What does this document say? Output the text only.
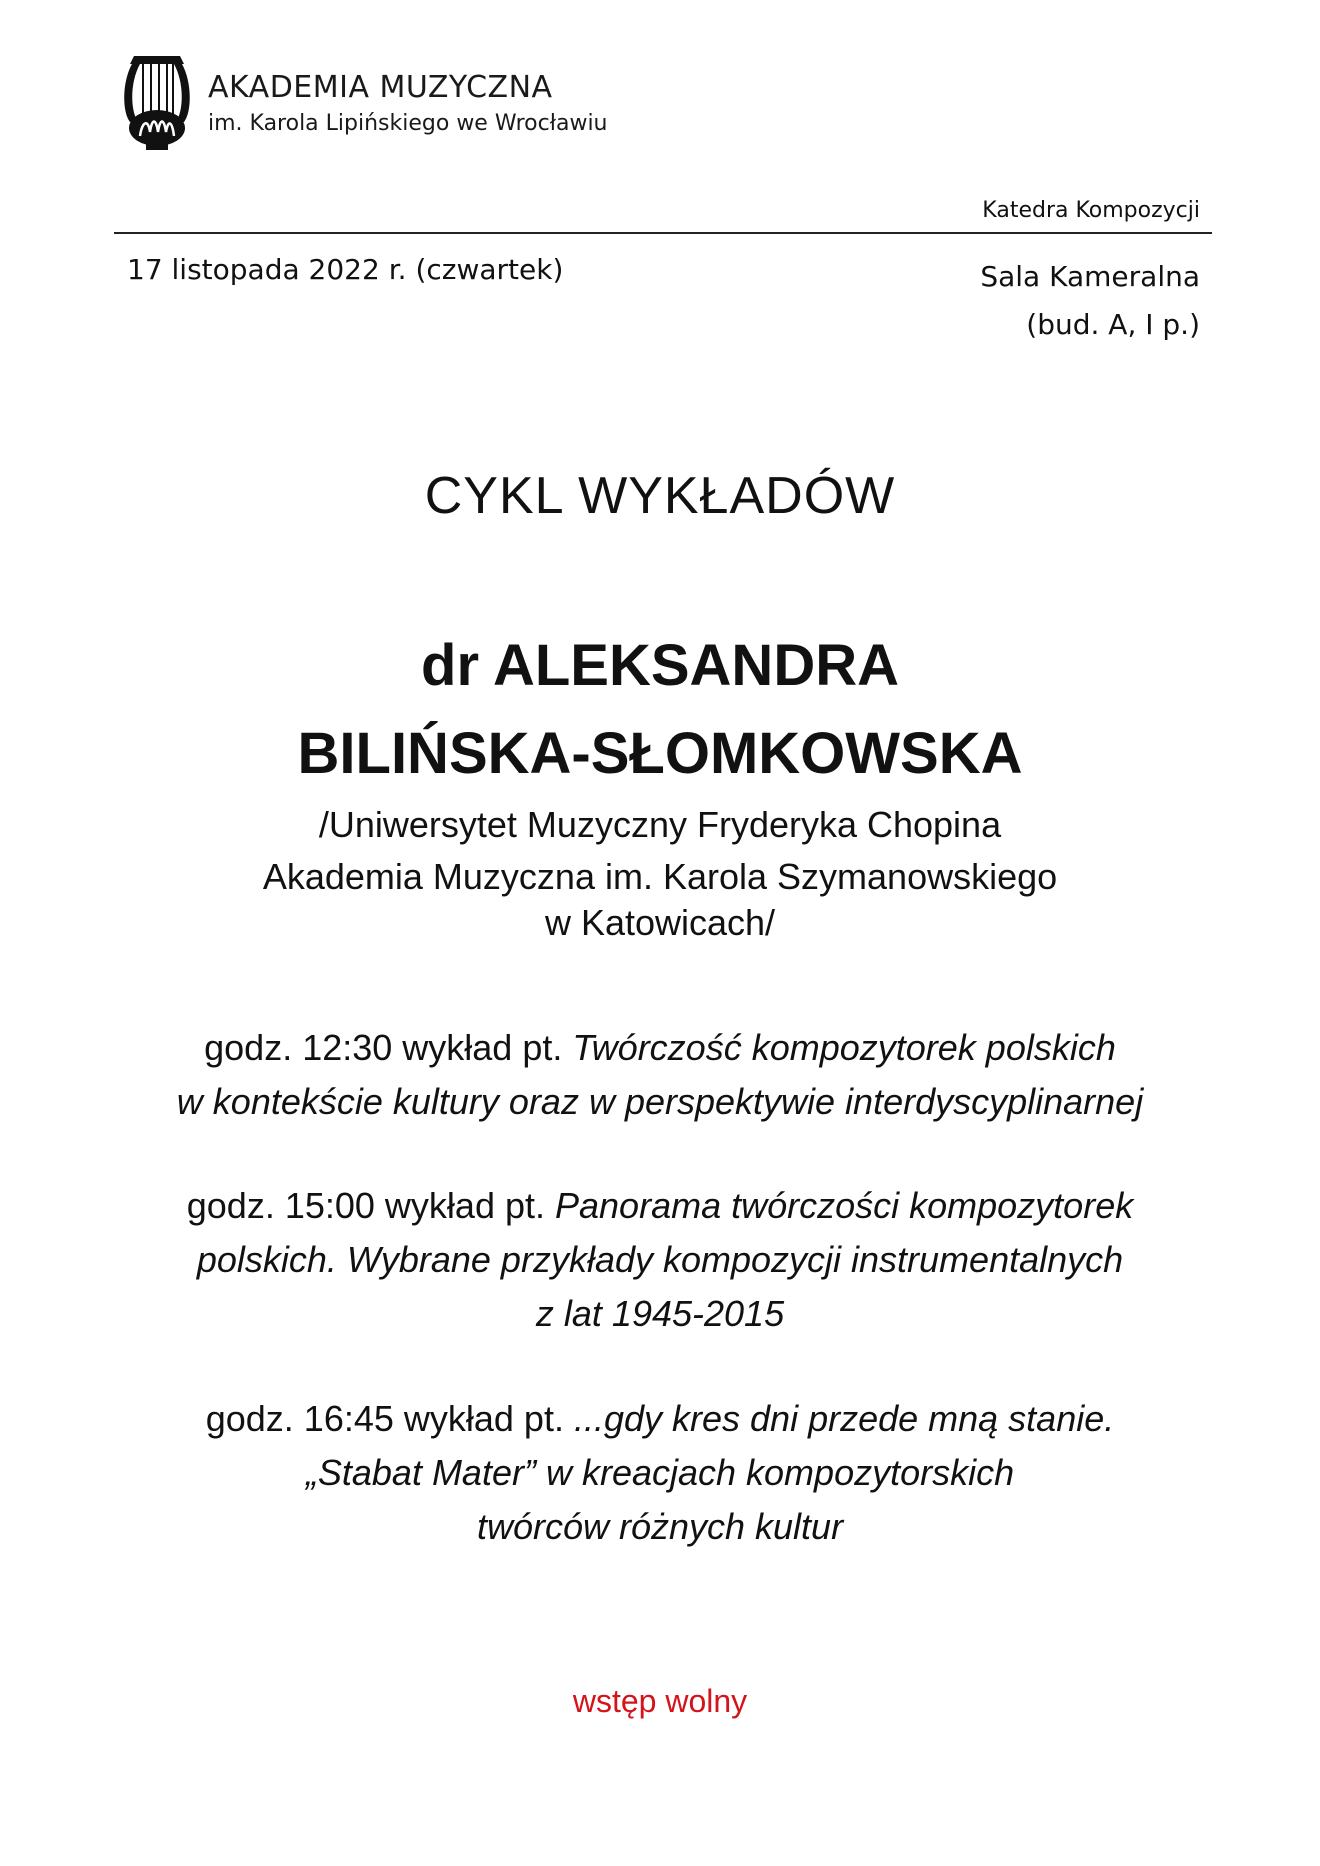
AKADEMIA MUZYCZNA
im. Karola Lipińskiego we Wrocławiu
Katedra Kompozycji
17 listopada 2022 r. (czwartek)	Sala Kameralna
(bud. A, I p.)
CYKL WYKŁADÓW
dr ALEKSANDRA
BILIŃSKA-SŁOMKOWSKA
/Uniwersytet Muzyczny Fryderyka Chopina
Akademia Muzyczna im. Karola Szymanowskiego
w Katowicach/
godz. 12:30 wykład pt. Twórczość kompozytorek polskich
w kontekście kultury oraz w perspektywie interdyscyplinarnej
godz. 15:00 wykład pt. Panorama twórczości kompozytorek
polskich. Wybrane przykłady kompozycji instrumentalnych
z lat 1945-2015
godz. 16:45 wykład pt. ...gdy kres dni przede mną stanie.
„Stabat Mater” w kreacjach kompozytorskich
twórców różnych kultur
wstęp wolny
